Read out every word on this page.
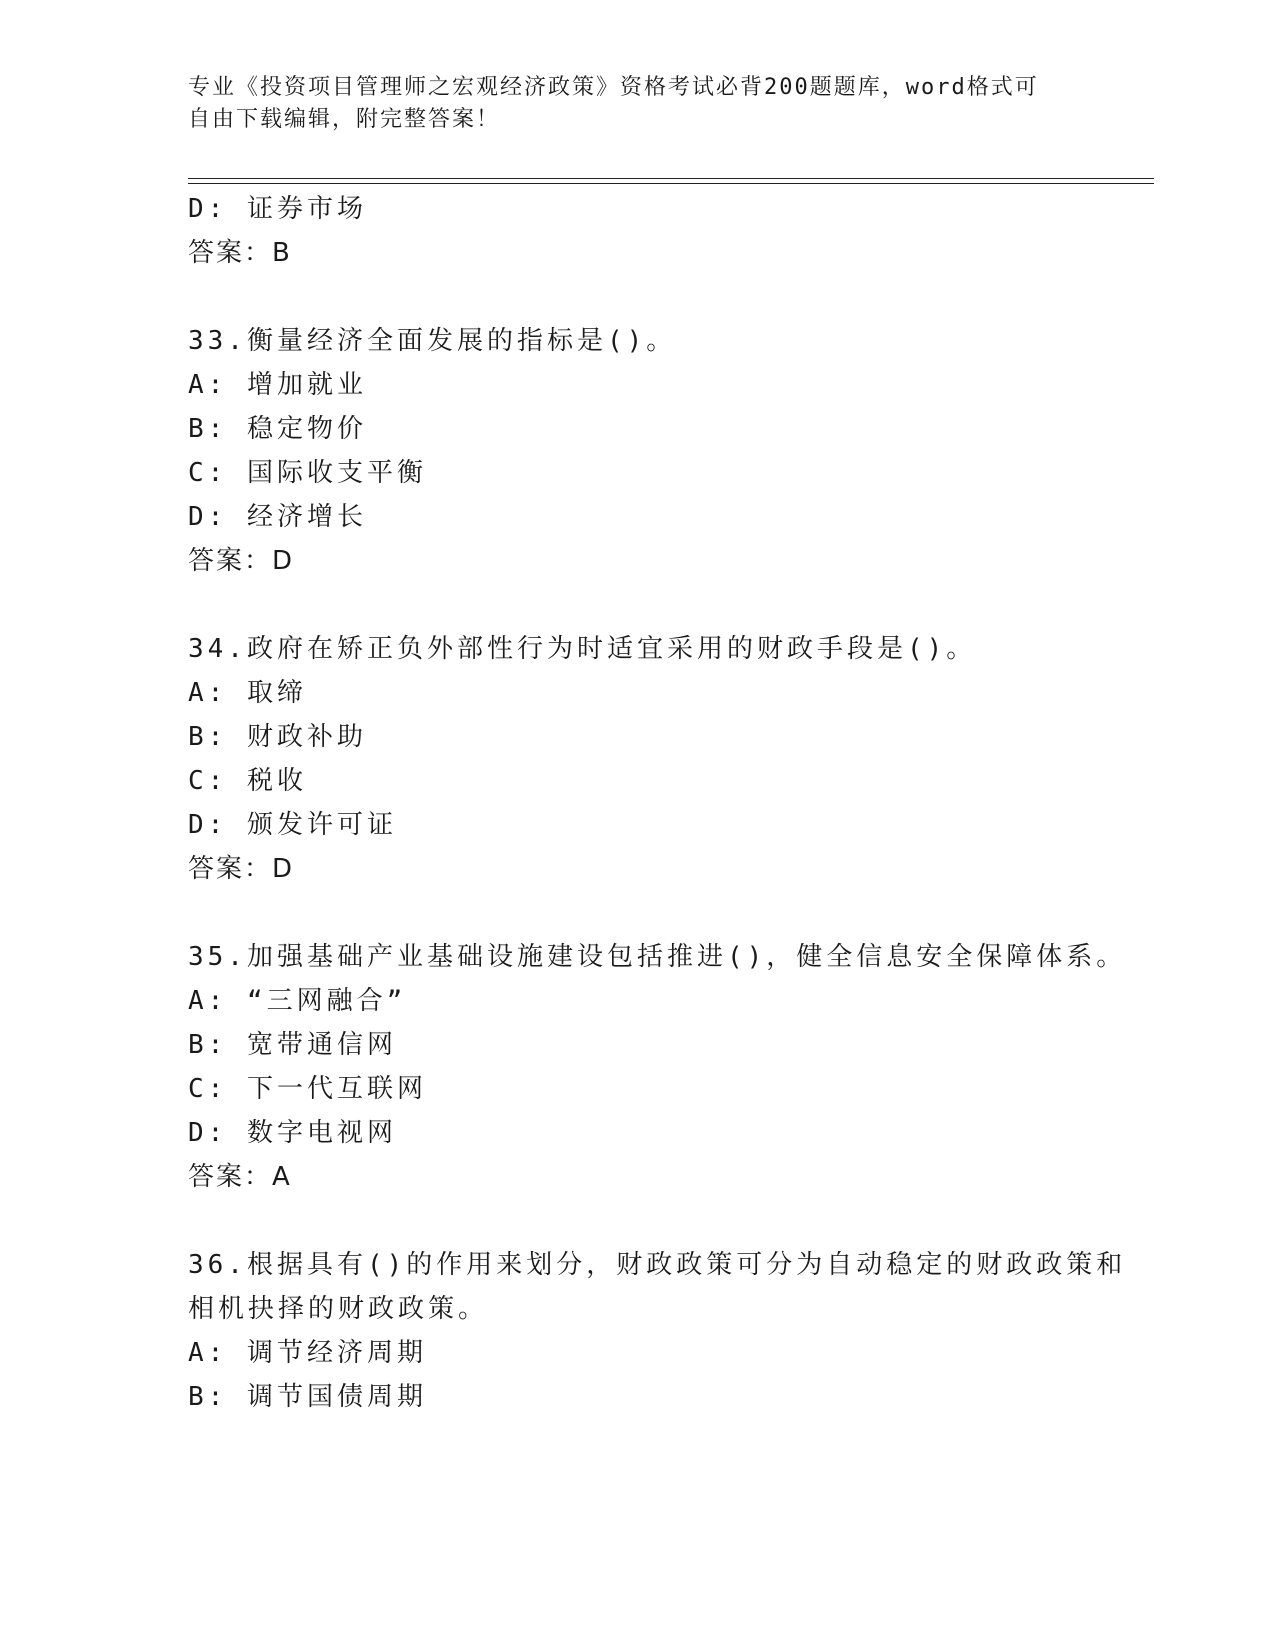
专业《投资项目管理师之宏观经济政策》资格考试必背200题题库，word格式可
自由下载编辑，附完整答案！
D: 证券市场
答案：B
33.衡量经济全面发展的指标是()。
A: 增加就业
B: 稳定物价
C: 国际收支平衡
D: 经济增长
答案：D
34.政府在矫正负外部性行为时适宜采用的财政手段是()。
A: 取缔
B: 财政补助
C: 税收
D: 颁发许可证
答案：D
35.加强基础产业基础设施建设包括推进()，健全信息安全保障体系。
A: “三网融合”
B: 宽带通信网
C: 下一代互联网
D: 数字电视网
答案：A
36.根据具有()的作用来划分，财政政策可分为自动稳定的财政政策和
相机抉择的财政政策。
A: 调节经济周期
B: 调节国债周期
